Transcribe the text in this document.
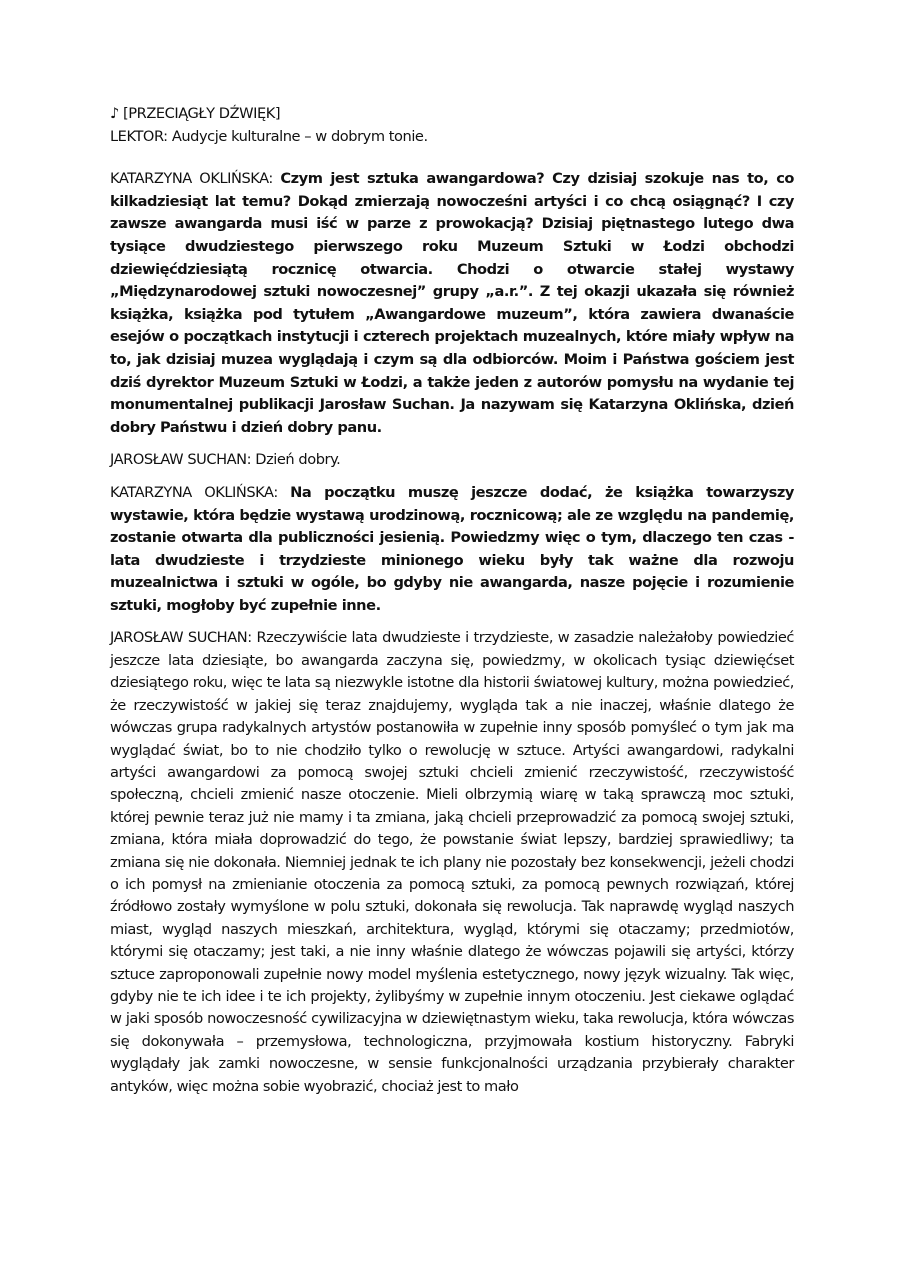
♪ [PRZECIĄGŁY DŹWIĘK]
LEKTOR: Audycje kulturalne – w dobrym tonie.

KATARZYNA OKLIŃSKA: Czym jest sztuka awangardowa? Czy dzisiaj szokuje nas to, co kilkadziesiąt lat temu? Dokąd zmierzają nowocześni artyści i co chcą osiągnąć? I czy zawsze awangarda musi iść w parze z prowokacją? Dzisiaj piętnastego lutego dwa tysiące dwudziestego pierwszego roku Muzeum Sztuki w Łodzi obchodzi dziewięćdziesiątą rocznicę otwarcia. Chodzi o otwarcie stałej wystawy „Międzynarodowej sztuki nowoczesnej” grupy „a.r.”. Z tej okazji ukazała się również książka, książka pod tytułem „Awangardowe muzeum”, która zawiera dwanaście esejów o początkach instytucji i czterech projektach muzealnych, które miały wpływ na to, jak dzisiaj muzea wyglądają i czym są dla odbiorców. Moim i Państwa gościem jest dziś dyrektor Muzeum Sztuki w Łodzi, a także jeden z autorów pomysłu na wydanie tej monumentalnej publikacji Jarosław Suchan. Ja nazywam się Katarzyna Oklińska, dzień dobry Państwu i dzień dobry panu.

JAROSŁAW SUCHAN: Dzień dobry.

KATARZYNA OKLIŃSKA: Na początku muszę jeszcze dodać, że książka towarzyszy wystawie, która będzie wystawą urodzinową, rocznicową; ale ze względu na pandemię, zostanie otwarta dla publiczności jesienią. Powiedzmy więc o tym, dlaczego ten czas - lata dwudzieste i trzydzieste minionego wieku były tak ważne dla rozwoju muzealnictwa i sztuki w ogóle, bo gdyby nie awangarda, nasze pojęcie i rozumienie sztuki, mogłoby być zupełnie inne.

JAROSŁAW SUCHAN: Rzeczywiście lata dwudzieste i trzydzieste, w zasadzie należałoby powiedzieć jeszcze lata dziesiąte, bo awangarda zaczyna się, powiedzmy, w okolicach tysiąc dziewięćset dziesiątego roku, więc te lata są niezwykle istotne dla historii światowej kultury, można powiedzieć, że rzeczywistość w jakiej się teraz znajdujemy, wygląda tak a nie inaczej, właśnie dlatego że wówczas grupa radykalnych artystów postanowiła w zupełnie inny sposób pomyśleć o tym jak ma wyglądać świat, bo to nie chodziło tylko o rewolucję w sztuce. Artyści awangardowi, radykalni artyści awangardowi za pomocą swojej sztuki chcieli zmienić rzeczywistość, rzeczywistość społeczną, chcieli zmienić nasze otoczenie. Mieli olbrzymią wiarę w taką sprawczą moc sztuki, której pewnie teraz już nie mamy i ta zmiana, jaką chcieli przeprowadzić za pomocą swojej sztuki, zmiana, która miała doprowadzić do tego, że powstanie świat lepszy, bardziej sprawiedliwy; ta zmiana się nie dokonała. Niemniej jednak te ich plany nie pozostały bez konsekwencji, jeżeli chodzi o ich pomysł na zmienianie otoczenia za pomocą sztuki, za pomocą pewnych rozwiązań, której źródłowo zostały wymyślone w polu sztuki, dokonała się rewolucja. Tak naprawdę wygląd naszych miast, wygląd naszych mieszkań, architektura, wygląd, którymi się otaczamy; przedmiotów, którymi się otaczamy; jest taki, a nie inny właśnie dlatego że wówczas pojawili się artyści, którzy sztuce zaproponowali zupełnie nowy model myślenia estetycznego, nowy język wizualny. Tak więc, gdyby nie te ich idee i te ich projekty, żylibyśmy w zupełnie innym otoczeniu. Jest ciekawe oglądać w jaki sposób nowoczesność cywilizacyjna w dziewiętnastym wieku, taka rewolucja, która wówczas się dokonywała – przemysłowa, technologiczna, przyjmowała kostium historyczny. Fabryki wyglądały jak zamki nowoczesne, w sensie funkcjonalności urządzania przybierały charakter antyków, więc można sobie wyobrazić, chociaż jest to mało
